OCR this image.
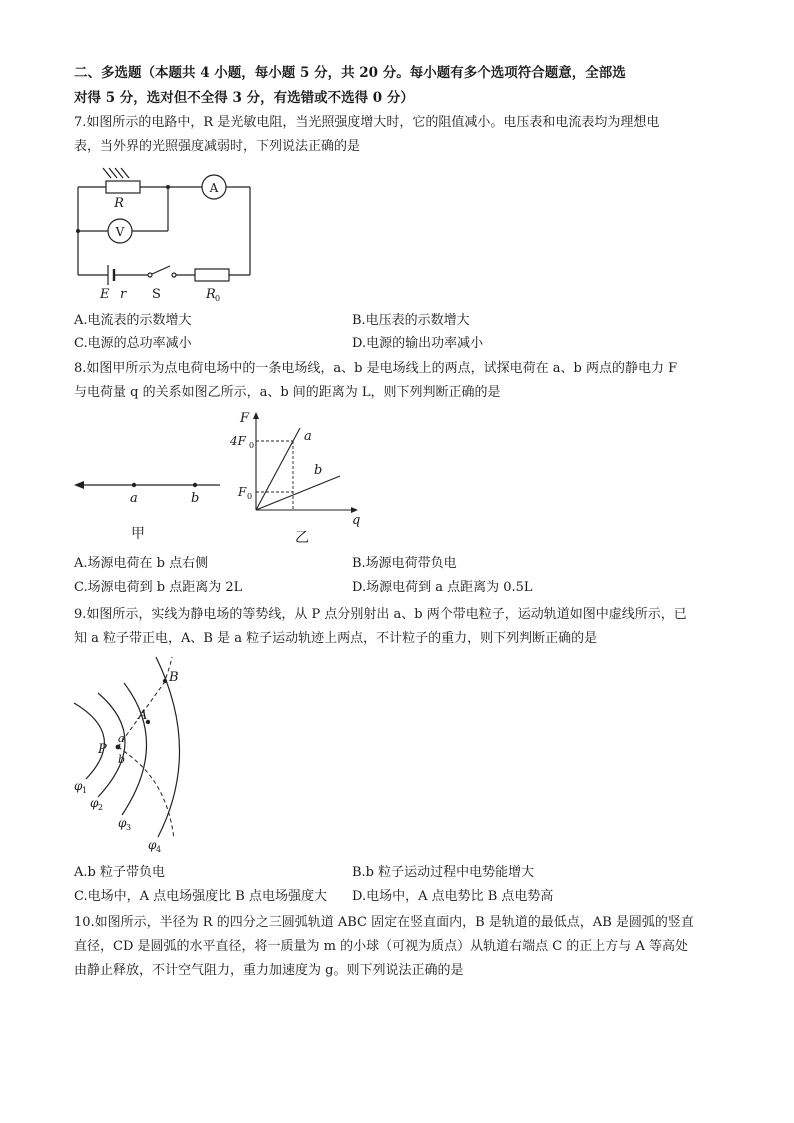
二、多选题（本题共 4 小题，每小题 5 分，共 20 分。每小题有多个选项符合题意，全部选
对得 5 分，选对但不全得 3 分，有选错或不选得 0 分）
7.如图所示的电路中，R 是光敏电阻，当光照强度增大时，它的阻值减小。电压表和电流表均为理想电
表，当外界的光照强度减弱时，下列说法正确的是
R
A
V
E r S	R 0
A.电流表的示数增大	B.电压表的示数增大
C.电源的总功率减小	D.电源的输出功率减小
8.如图甲所示为点电荷电场中的一条电场线，a、b 是电场线上的两点，试探电荷在 a、b 两点的静电力 F
与电荷量 q 的关系如图乙所示，a、b 间的距离为 L，则下列判断正确的是
a	b
甲
F
q
4F 0
F 0
a
b
乙
A.场源电荷在 b 点右侧	B.场源电荷带负电
C.场源电荷到 b 点距离为 2L	D.场源电荷到 a 点距离为 0.5L
9.如图所示，实线为静电场的等势线，从 P 点分别射出 a、b 两个带电粒子，运动轨道如图中虚线所示，已
知 a 粒子带正电，A、B 是 a 粒子运动轨迹上两点，不计粒子的重力，则下列判断正确的是
P
a
b
A
B
φ 1
φ 2
φ 3
φ 4
A.b 粒子带负电	B.b 粒子运动过程中电势能增大
C.电场中，A 点电场强度比 B 点电场强度大 D.电场中，A 点电势比 B 点电势高
10.如图所示，半径为 R 的四分之三圆弧轨道 ABC 固定在竖直面内，B 是轨道的最低点，AB 是圆弧的竖直
直径，CD 是圆弧的水平直径，将一质量为 m 的小球（可视为质点）从轨道右端点 C 的正上方与 A 等高处
由静止释放，不计空气阻力，重力加速度为 g。则下列说法正确的是
